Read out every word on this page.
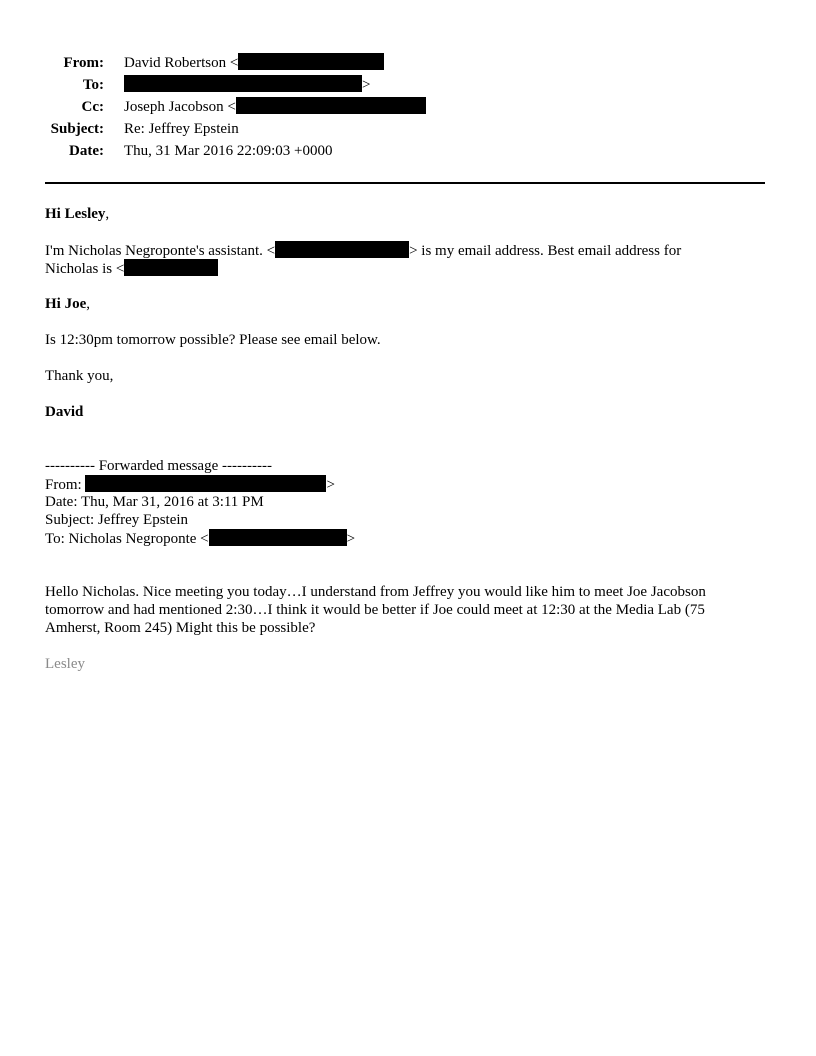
From: David Robertson <
To:	>
Cc: Joseph Jacobson <
Subject: Re: Jeffrey Epstein
Date: Thu, 31 Mar 2016 22:09:03 +0000
Hi Lesley,
I'm Nicholas Negroponte's assistant. <	> is my email address. Best email address for
Nicholas is <
Hi Joe,
Is 12:30pm tomorrow possible? Please see email below.
Thank you,
David
---------- Forwarded message ----------
From:	>
Date: Thu, Mar 31, 2016 at 3:11 PM
Subject: Jeffrey Epstein
To: Nicholas Negroponte <	>
Hello Nicholas. Nice meeting you today…I understand from Jeffrey you would like him to meet Joe Jacobson
tomorrow and had mentioned 2:30…I think it would be better if Joe could meet at 12:30 at the Media Lab (75
Amherst, Room 245) Might this be possible?
Lesley
